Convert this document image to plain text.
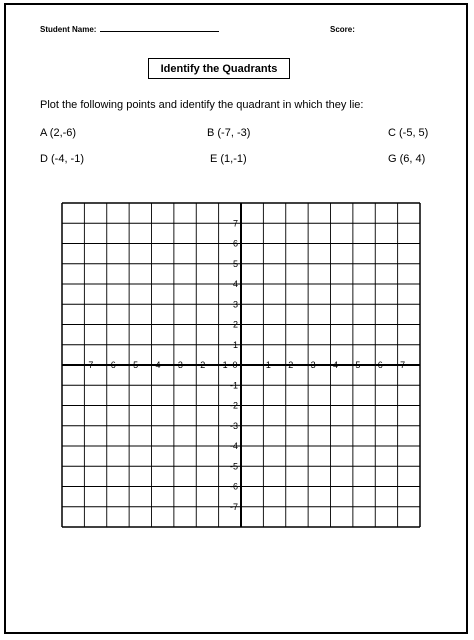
Student Name:	Score:
Identify the Quadrants
Plot the following points and identify the quadrant in which they lie:
A (2,-6)	B (-7, -3)	C (-5, 5)
D (-4, -1)	E (1,-1)	G (6, 4)
-7 -6 -5 -4 -3 -2 -1 0	1 2 3 4 5 6 7
7
6
5
4
3
2
1
-1
-2
-3
-4
-5
-6
-7
